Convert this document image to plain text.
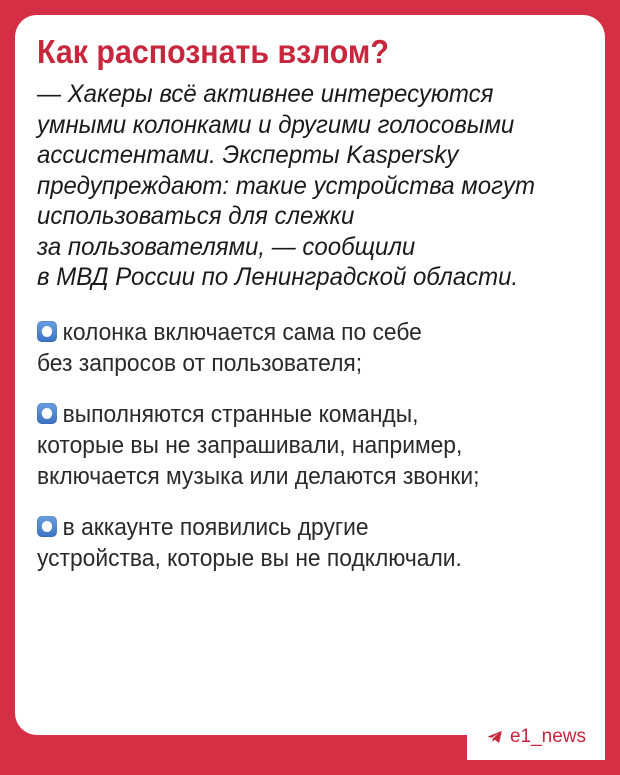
Как распознать взлом?
— Хакеры всё активнее интересуются
умными колонками и другими голосовыми
ассистентами. Эксперты Kaspersky
предупреждают: такие устройства могут
использоваться для слежки
за пользователями, — сообщили
в МВД России по Ленинградской области.
колонка включается сама по себе
без запросов от пользователя;
выполняются странные команды,
которые вы не запрашивали, например,
включается музыка или делаются звонки;
в аккаунте появились другие
устройства, которые вы не подключали.
e1_news
